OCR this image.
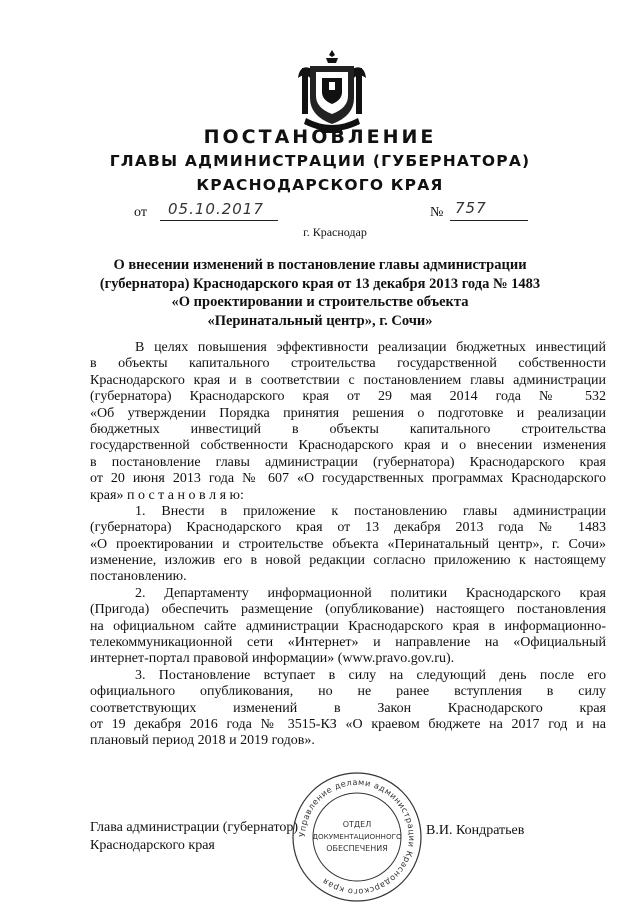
ПОСТАНОВЛЕНИЕ
ГЛАВЫ АДМИНИСТРАЦИИ (ГУБЕРНАТОРА)
КРАСНОДАРСКОГО КРАЯ
от 05.10.2017	№ 757
г. Краснодар
О внесении изменений в постановление главы администрации
(губернатора) Краснодарского края от 13 декабря 2013 года № 1483
«О проектировании и строительстве объекта
«Перинатальный центр», г. Сочи»
В целях повышения эффективности реализации бюджетных инвестиций
в объекты капитального строительства государственной собственности
Краснодарского края и в соответствии с постановлением главы администрации
(губернатора) Краснодарского края от 29 мая 2014 года № 532
«Об утверждении Порядка принятия решения о подготовке и реализации
бюджетных инвестиций в объекты капитального строительства
государственной собственности Краснодарского края и о внесении изменения
в постановление главы администрации (губернатора) Краснодарского края
от 20 июня 2013 года № 607 «О государственных программах Краснодарского
края» п о с т а н о в л я ю:
1. Внести в приложение к постановлению главы администрации
(губернатора) Краснодарского края от 13 декабря 2013 года № 1483
«О проектировании и строительстве объекта «Перинатальный центр», г. Сочи»
изменение, изложив его в новой редакции согласно приложению к настоящему
постановлению.
2. Департаменту информационной политики Краснодарского края
(Пригода) обеспечить размещение (опубликование) настоящего постановления
на официальном сайте администрации Краснодарского края в информационно-
телекоммуникационной сети «Интернет» и направление на «Официальный
интернет-портал правовой информации» (www.pravo.gov.ru).
3. Постановление вступает в силу на следующий день после его
официального опубликования, но не ранее вступления в силу
соответствующих изменений в Закон Краснодарского края
от 19 декабря 2016 года № 3515-КЗ «О краевом бюджете на 2017 год и на
плановый период 2018 и 2019 годов».
Глава администрации (губернатор)
Краснодарского края
В.И. Кондратьев
Управление делами администрации Краснодарского края
ОТДЕЛ
ДОКУМЕНТАЦИОННОГО
ОБЕСПЕЧЕНИЯ
